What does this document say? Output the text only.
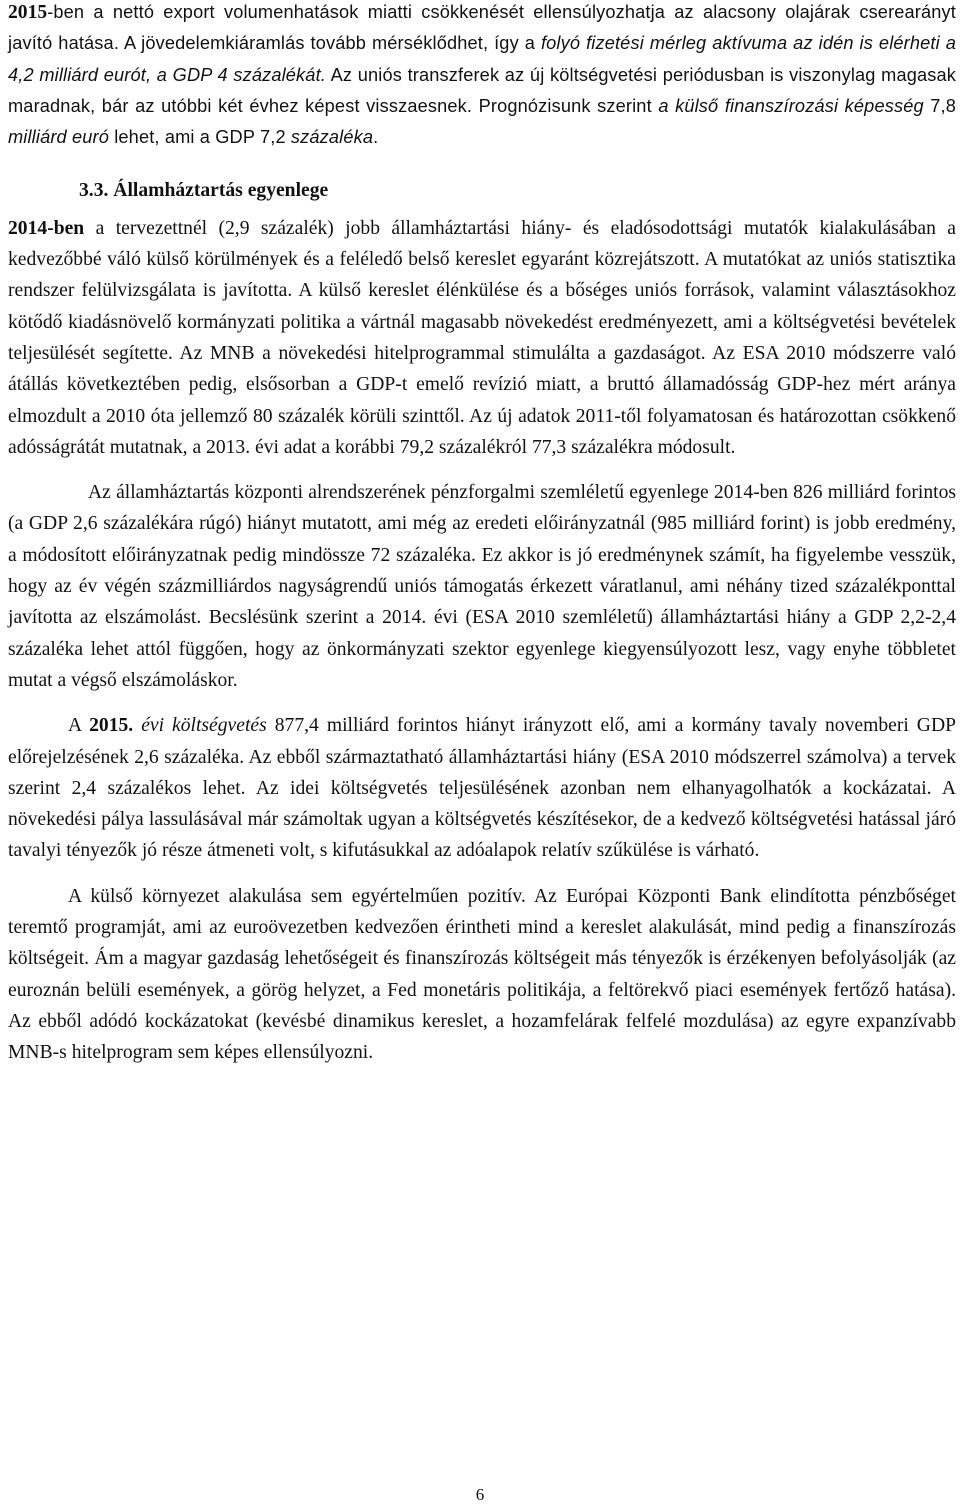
2015-ben a nettó export volumenhatások miatti csökkenését ellensúlyozhatja az alacsony olajárak cserearányt javító hatása. A jövedelemkiáramlás tovább mérséklődhet, így a folyó fizetési mérleg aktívuma az idén is elérheti a 4,2 milliárd eurót, a GDP 4 százalékát. Az uniós transzferek az új költségvetési periódusban is viszonylag magasak maradnak, bár az utóbbi két évhez képest visszaesnek. Prognózisunk szerint a külső finanszírozási képesség 7,8 milliárd euró lehet, ami a GDP 7,2 százaléka.

3.3. Államháztartás egyenlege

2014-ben a tervezettnél (2,9 százalék) jobb államháztartási hiány- és eladósodottsági mutatók kialakulásában a kedvezőbbé váló külső körülmények és a feléledő belső kereslet egyaránt közrejátszott. A mutatókat az uniós statisztika rendszer felülvizsgálata is javította. A külső kereslet élénkülése és a bőséges uniós források, valamint választásokhoz kötődő kiadásnövelő kormányzati politika a vártnál magasabb növekedést eredményezett, ami a költségvetési bevételek teljesülését segítette. Az MNB a növekedési hitelprogrammal stimulálta a gazdaságot. Az ESA 2010 módszerre való átállás következtében pedig, elsősorban a GDP-t emelő revízió miatt, a bruttó államadósság GDP-hez mért aránya elmozdult a 2010 óta jellemző 80 százalék körüli szinttől. Az új adatok 2011-től folyamatosan és határozottan csökkenő adósságrátát mutatnak, a 2013. évi adat a korábbi 79,2 százalékról 77,3 százalékra módosult.

Az államháztartás központi alrendszerének pénzforgalmi szemléletű egyenlege 2014-ben 826 milliárd forintos (a GDP 2,6 százalékára rúgó) hiányt mutatott, ami még az eredeti előirányzatnál (985 milliárd forint) is jobb eredmény, a módosított előirányzatnak pedig mindössze 72 százaléka. Ez akkor is jó eredménynek számít, ha figyelembe vesszük, hogy az év végén százmilliárdos nagyságrendű uniós támogatás érkezett váratlanul, ami néhány tized százalékponttal javította az elszámolást. Becslésünk szerint a 2014. évi (ESA 2010 szemléletű) államháztartási hiány a GDP 2,2-2,4 százaléka lehet attól függően, hogy az önkormányzati szektor egyenlege kiegyensúlyozott lesz, vagy enyhe többletet mutat a végső elszámoláskor.

A 2015. évi költségvetés 877,4 milliárd forintos hiányt irányzott elő, ami a kormány tavaly novemberi GDP előrejelzésének 2,6 százaléka. Az ebből származtatható államháztartási hiány (ESA 2010 módszerrel számolva) a tervek szerint 2,4 százalékos lehet. Az idei költségvetés teljesülésének azonban nem elhanyagolhatók a kockázatai. A növekedési pálya lassulásával már számoltak ugyan a költségvetés készítésekor, de a kedvező költségvetési hatással járó tavalyi tényezők jó része átmeneti volt, s kifutásukkal az adóalapok relatív szűkülése is várható.

A külső környezet alakulása sem egyértelműen pozitív. Az Európai Központi Bank elindította pénzbőséget teremtő programját, ami az euroövezetben kedvezően érintheti mind a kereslet alakulását, mind pedig a finanszírozás költségeit. Ám a magyar gazdaság lehetőségeit és finanszírozás költségeit más tényezők is érzékenyen befolyásolják (az euroznán belüli események, a görög helyzet, a Fed monetáris politikája, a feltörekvő piaci események fertőző hatása). Az ebből adódó kockázatokat (kevésbé dinamikus kereslet, a hozamfelárak felfelé mozdulása) az egyre expanzívabb MNB-s hitelprogram sem képes ellensúlyozni.

6
